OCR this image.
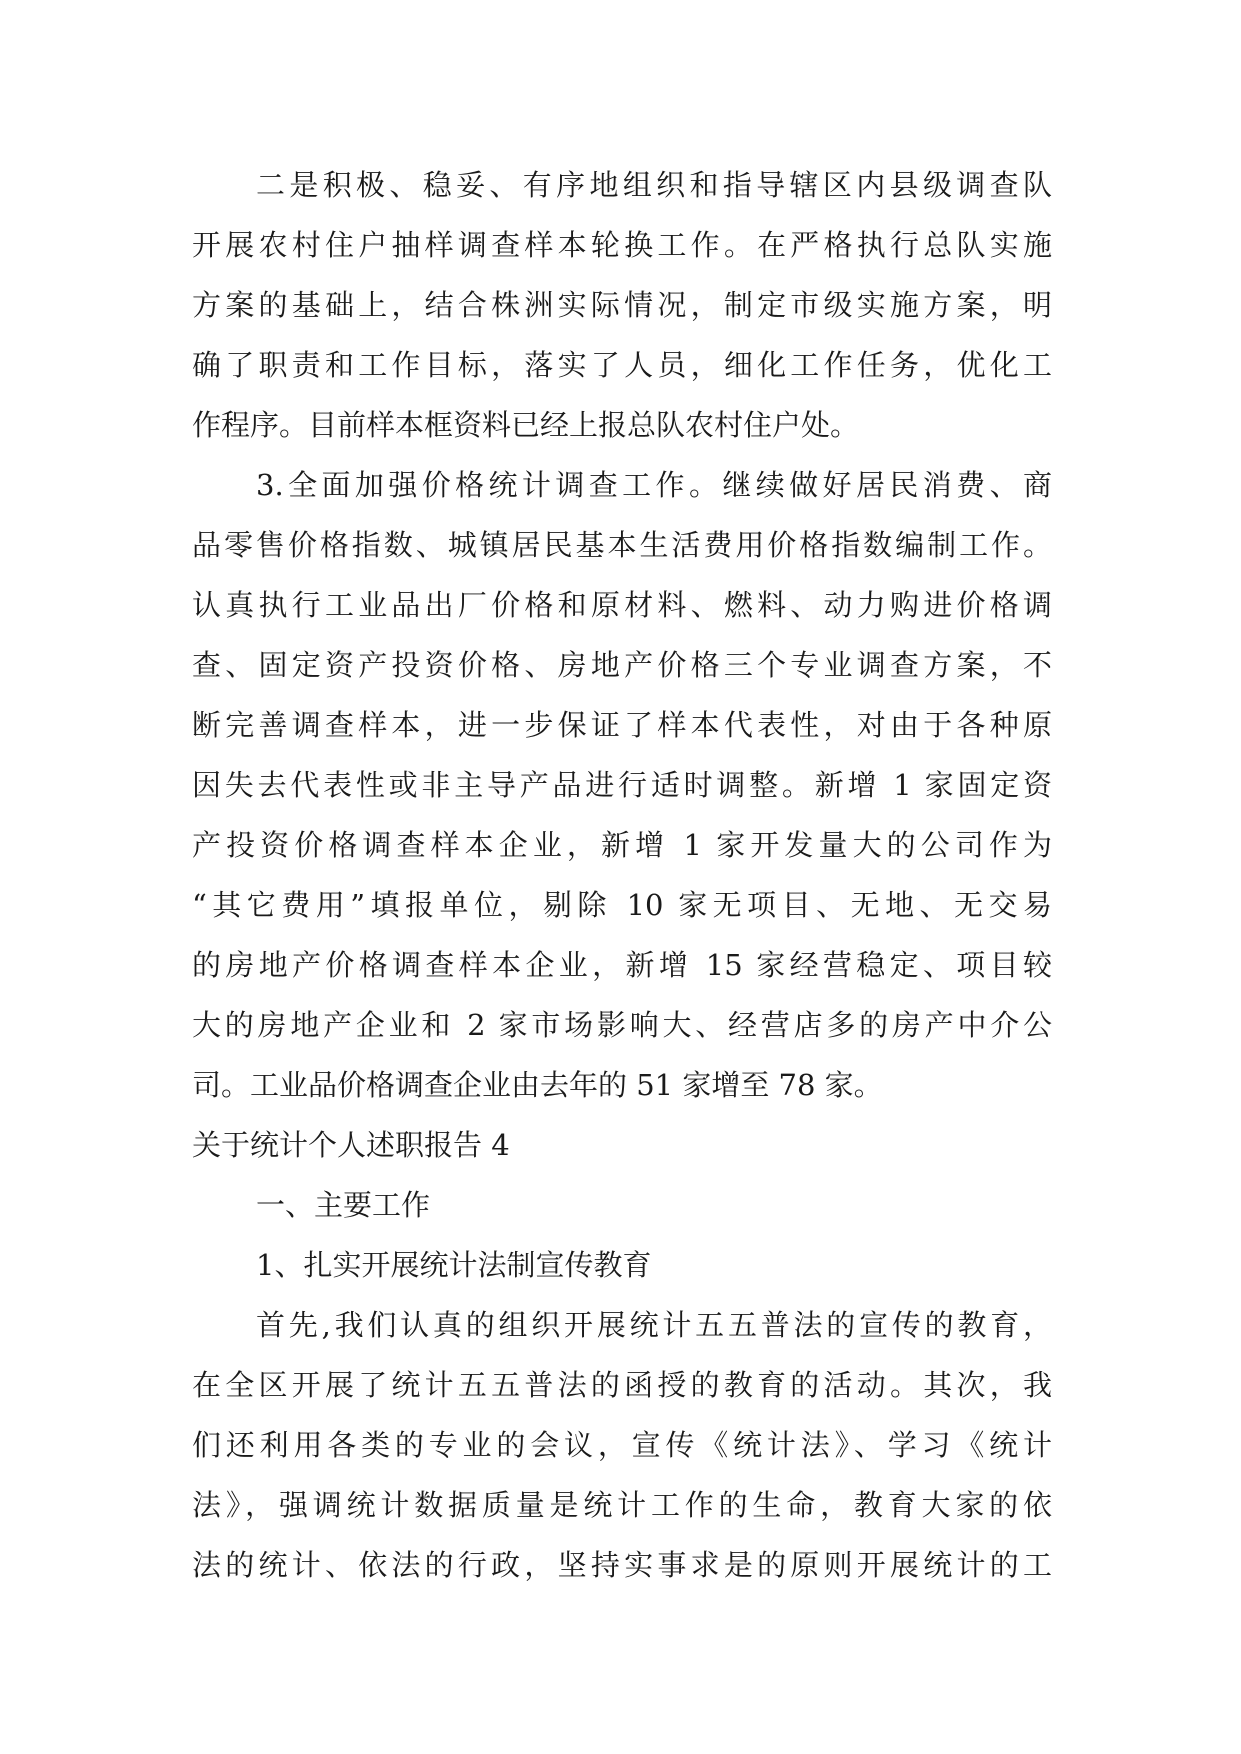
二是积极、稳妥、有序地组织和指导辖区内县级调查队

开展农村住户抽样调查样本轮换工作。在严格执行总队实施

方案的基础上，结合株洲实际情况，制定市级实施方案，明

确了职责和工作目标，落实了人员，细化工作任务，优化工

作程序。目前样本框资料已经上报总队农村住户处。

3.全面加强价格统计调查工作。继续做好居民消费、商

品零售价格指数、城镇居民基本生活费用价格指数编制工作。

认真执行工业品出厂价格和原材料、燃料、动力购进价格调

查、固定资产投资价格、房地产价格三个专业调查方案，不

断完善调查样本，进一步保证了样本代表性，对由于各种原

因失去代表性或非主导产品进行适时调整。新增 1 家固定资

产投资价格调查样本企业，新增 1 家开发量大的公司作为

“其它费用”填报单位，剔除 10 家无项目、无地、无交易

的房地产价格调查样本企业，新增 15 家经营稳定、项目较

大的房地产企业和 2 家市场影响大、经营店多的房产中介公

司。工业品价格调查企业由去年的 51 家增至 78 家。

关于统计个人述职报告 4

一、主要工作

1、扎实开展统计法制宣传教育

首先,我们认真的组织开展统计五五普法的宣传的教育，

在全区开展了统计五五普法的函授的教育的活动。其次，我

们还利用各类的专业的会议，宣传《统计法》、学习《统计

法》，强调统计数据质量是统计工作的生命，教育大家的依

法的统计、依法的行政，坚持实事求是的原则开展统计的工
